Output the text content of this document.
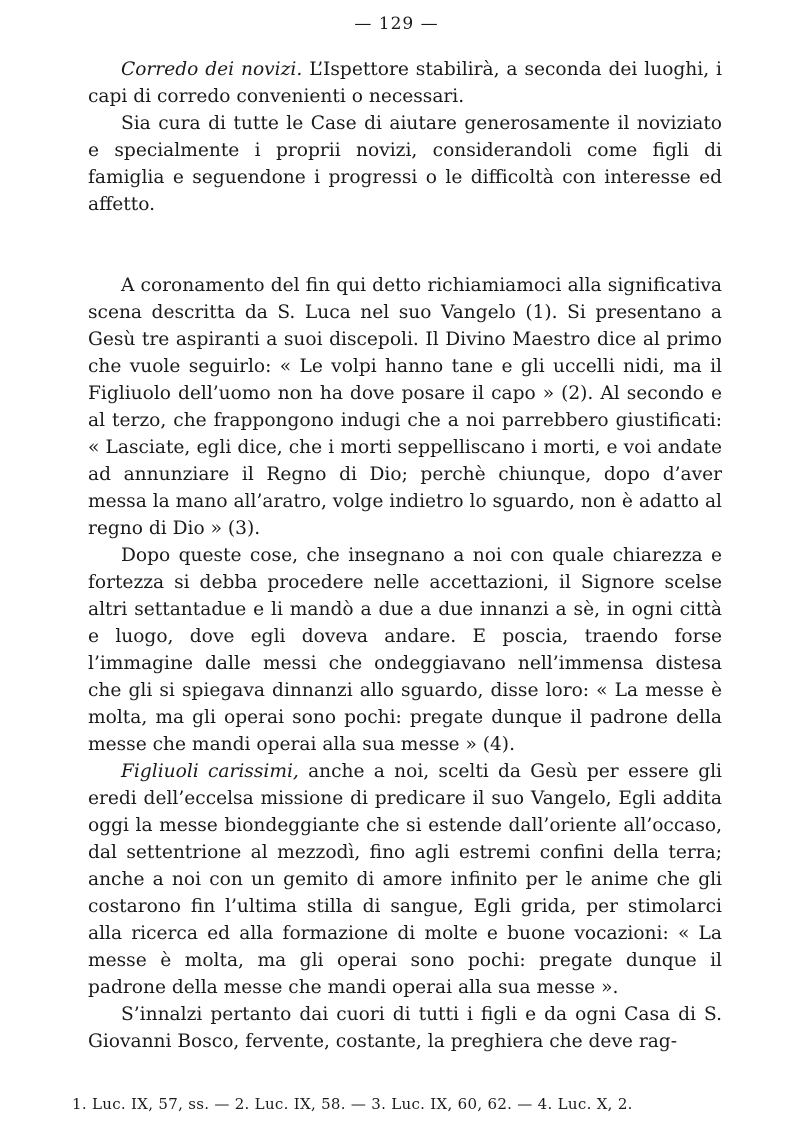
— 129 —

Corredo dei novizi. L’Ispettore stabilirà, a seconda dei luoghi, i capi di corredo convenienti o necessari.

Sia cura di tutte le Case di aiutare generosamente il noviziato e specialmente i proprii novizi, considerandoli come figli di famiglia e seguendone i progressi o le difficoltà con interesse ed affetto.

A coronamento del fin qui detto richiamiamoci alla significativa scena descritta da S. Luca nel suo Vangelo (1). Si presentano a Gesù tre aspiranti a suoi discepoli. Il Divino Maestro dice al primo che vuole seguirlo: « Le volpi hanno tane e gli uccelli nidi, ma il Figliuolo dell’uomo non ha dove posare il capo » (2). Al secondo e al terzo, che frappongono indugi che a noi parrebbero giustificati: « Lasciate, egli dice, che i morti seppelliscano i morti, e voi andate ad annunziare il Regno di Dio; perchè chiunque, dopo d’aver messa la mano all’aratro, volge indietro lo sguardo, non è adatto al regno di Dio » (3).

Dopo queste cose, che insegnano a noi con quale chiarezza e fortezza si debba procedere nelle accettazioni, il Signore scelse altri settantadue e li mandò a due a due innanzi a sè, in ogni città e luogo, dove egli doveva andare. E poscia, traendo forse l’immagine dalle messi che ondeggiavano nell’immensa distesa che gli si spiegava dinnanzi allo sguardo, disse loro: « La messe è molta, ma gli operai sono pochi: pregate dunque il padrone della messe che mandi operai alla sua messe » (4).

Figliuoli carissimi, anche a noi, scelti da Gesù per essere gli eredi dell’eccelsa missione di predicare il suo Vangelo, Egli addita oggi la messe biondeggiante che si estende dall’oriente all’occaso, dal settentrione al mezzodì, fino agli estremi confini della terra; anche a noi con un gemito di amore infinito per le anime che gli costarono fin l’ultima stilla di sangue, Egli grida, per stimolarci alla ricerca ed alla formazione di molte e buone vocazioni: « La messe è molta, ma gli operai sono pochi: pregate dunque il padrone della messe che mandi operai alla sua messe ».

S’innalzi pertanto dai cuori di tutti i figli e da ogni Casa di S. Giovanni Bosco, fervente, costante, la preghiera che deve rag-

1. Luc. IX, 57, ss. — 2. Luc. IX, 58. — 3. Luc. IX, 60, 62. — 4. Luc. X, 2.
